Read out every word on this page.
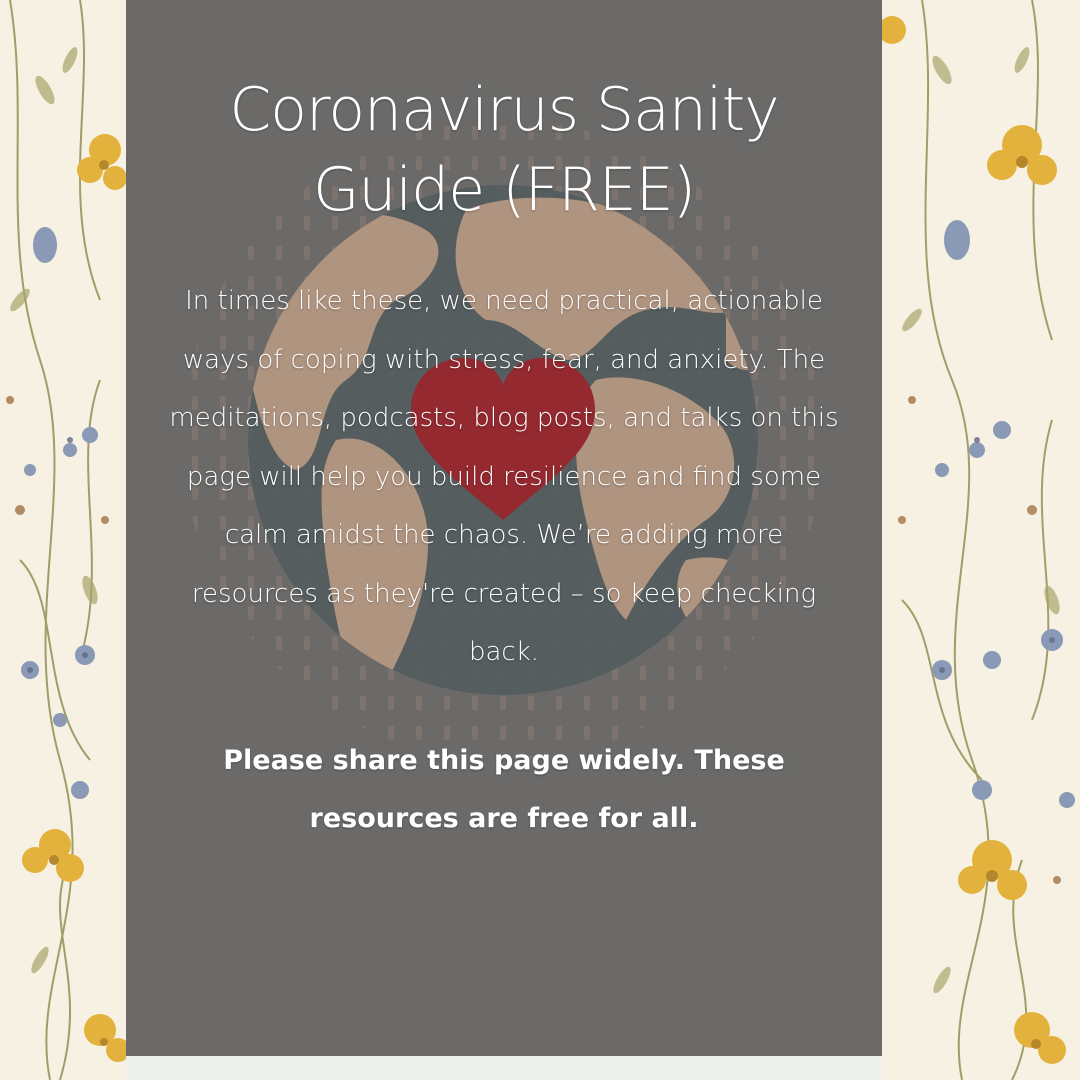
Coronavirus Sanity Guide (FREE)

In times like these, we need practical, actionable ways of coping with stress, fear, and anxiety. The meditations, podcasts, blog posts, and talks on this page will help you build resilience and find some calm amidst the chaos. We’re adding more resources as they're created – so keep checking back.

Please share this page widely. These resources are free for all.
